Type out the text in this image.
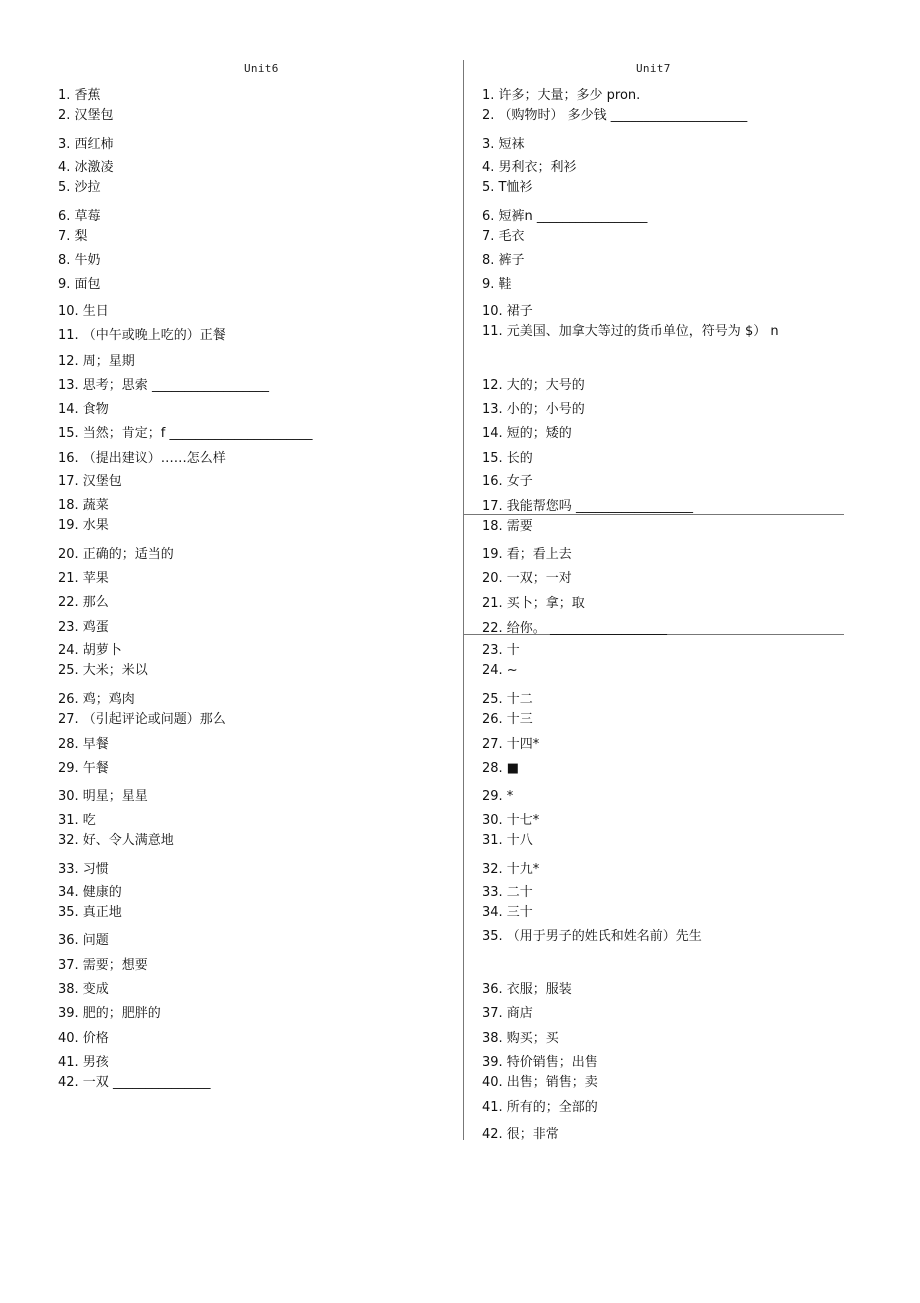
Unit6
1. 香蕉
2. 汉堡包
3. 西红柿
4. 冰激凌
5. 沙拉
6. 草莓
7. 梨
8. 牛奶
9. 面包
10. 生日
11. （中午或晚上吃的）正餐
12. 周；星期
13. 思考；思索 __________________
14. 食物
15. 当然；肯定；f ______________________
16. （提出建议）……怎么样
17. 汉堡包
18. 蔬菜
19. 水果
20. 正确的；适当的
21. 苹果
22. 那么
23. 鸡蛋
24. 胡萝卜
25. 大米；米以
26. 鸡；鸡肉
27. （引起评论或问题）那么
28. 早餐
29. 午餐
30. 明星；星星
31. 吃
32. 好、令人满意地
33. 习惯
34. 健康的
35. 真正地
36. 问题
37. 需要；想要
38. 变成
39. 肥的；肥胖的
40. 价格
41. 男孩
42. 一双 _______________
Unit7
1. 许多；大量；多少 pron.
2. （购物时） 多少钱 _____________________
3. 短袜
4. 男利衣；利衫
5. T恤衫
6. 短裤n _________________
7. 毛衣
8. 裤子
9. 鞋
10. 裙子
11. 元美国、加拿大等过的货币单位，符号为 $） n
12. 大的；大号的
13. 小的；小号的
14. 短的；矮的
15. 长的
16. 女子
17. 我能帮您吗 __________________
18. 需要
19. 看；看上去
20. 一双；一对
21. 买卜；拿；取
22. 给你。 __________________
23. 十
24. ~
25. 十二
26. 十三
27. 十四*
28. ■
29. *
30. 十七*
31. 十八
32. 十九*
33. 二十
34. 三十
35. （用于男子的姓氏和姓名前）先生
36. 衣服；服装
37. 商店
38. 购买；买
39. 特价销售；出售
40. 出售；销售；卖
41. 所有的；全部的
42. 很；非常
